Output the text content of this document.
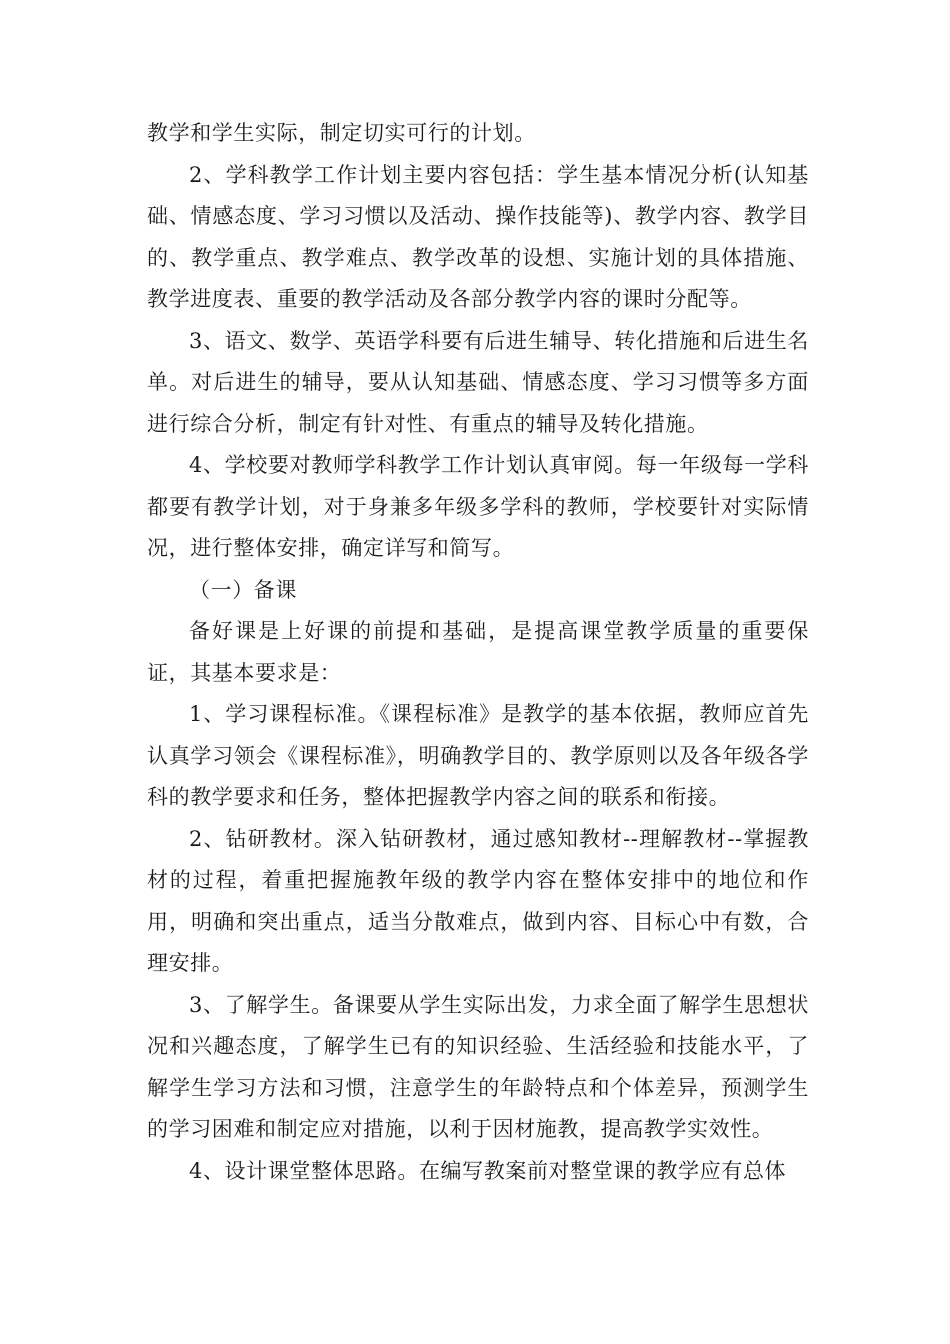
教学和学生实际，制定切实可行的计划。

2、学科教学工作计划主要内容包括：学生基本情况分析(认知基础、情感态度、学习习惯以及活动、操作技能等)、教学内容、教学目的、教学重点、教学难点、教学改革的设想、实施计划的具体措施、教学进度表、重要的教学活动及各部分教学内容的课时分配等。

3、语文、数学、英语学科要有后进生辅导、转化措施和后进生名单。对后进生的辅导，要从认知基础、情感态度、学习习惯等多方面进行综合分析，制定有针对性、有重点的辅导及转化措施。

4、学校要对教师学科教学工作计划认真审阅。每一年级每一学科都要有教学计划，对于身兼多年级多学科的教师，学校要针对实际情况，进行整体安排，确定详写和简写。

（一）备课

备好课是上好课的前提和基础，是提高课堂教学质量的重要保证，其基本要求是：

1、学习课程标准。《课程标准》是教学的基本依据，教师应首先认真学习领会《课程标准》，明确教学目的、教学原则以及各年级各学科的教学要求和任务，整体把握教学内容之间的联系和衔接。

2、钻研教材。深入钻研教材，通过感知教材--理解教材--掌握教材的过程，着重把握施教年级的教学内容在整体安排中的地位和作用，明确和突出重点，适当分散难点，做到内容、目标心中有数，合理安排。

3、了解学生。备课要从学生实际出发，力求全面了解学生思想状况和兴趣态度，了解学生已有的知识经验、生活经验和技能水平，了解学生学习方法和习惯，注意学生的年龄特点和个体差异，预测学生的学习困难和制定应对措施，以利于因材施教，提高教学实效性。

4、设计课堂整体思路。在编写教案前对整堂课的教学应有总体
